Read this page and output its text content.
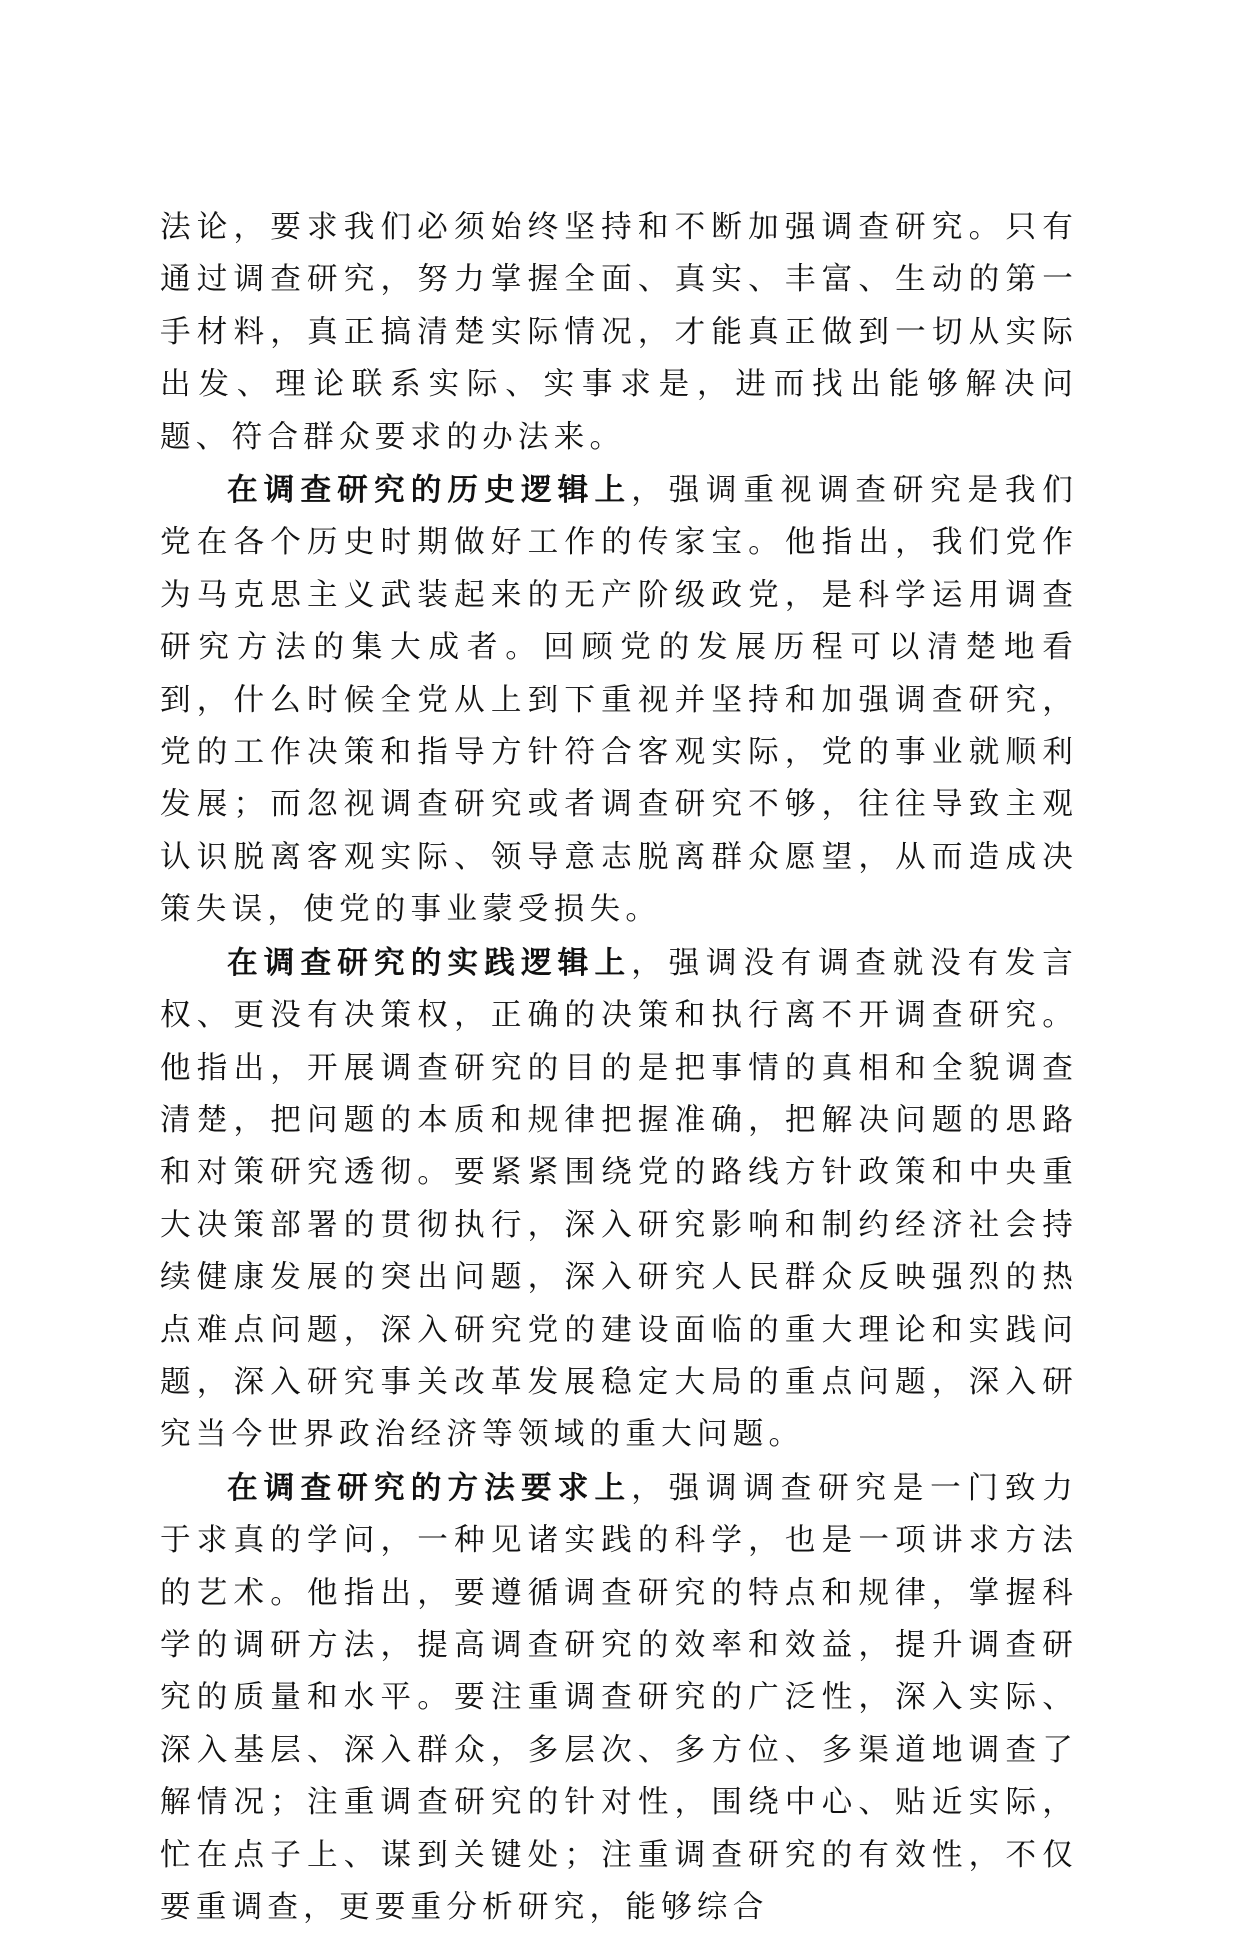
法论，要求我们必须始终坚持和不断加强调查研究。只有通过调查研究，努力掌握全面、真实、丰富、生动的第一手材料，真正搞清楚实际情况，才能真正做到一切从实际出发、理论联系实际、实事求是，进而找出能够解决问题、符合群众要求的办法来。

在调查研究的历史逻辑上，强调重视调查研究是我们党在各个历史时期做好工作的传家宝。他指出，我们党作为马克思主义武装起来的无产阶级政党，是科学运用调查研究方法的集大成者。回顾党的发展历程可以清楚地看到，什么时候全党从上到下重视并坚持和加强调查研究，党的工作决策和指导方针符合客观实际，党的事业就顺利发展；而忽视调查研究或者调查研究不够，往往导致主观认识脱离客观实际、领导意志脱离群众愿望，从而造成决策失误，使党的事业蒙受损失。

在调查研究的实践逻辑上，强调没有调查就没有发言权、更没有决策权，正确的决策和执行离不开调查研究。他指出，开展调查研究的目的是把事情的真相和全貌调查清楚，把问题的本质和规律把握准确，把解决问题的思路和对策研究透彻。要紧紧围绕党的路线方针政策和中央重大决策部署的贯彻执行，深入研究影响和制约经济社会持续健康发展的突出问题，深入研究人民群众反映强烈的热点难点问题，深入研究党的建设面临的重大理论和实践问题，深入研究事关改革发展稳定大局的重点问题，深入研究当今世界政治经济等领域的重大问题。

在调查研究的方法要求上，强调调查研究是一门致力于求真的学问，一种见诸实践的科学，也是一项讲求方法的艺术。他指出，要遵循调查研究的特点和规律，掌握科学的调研方法，提高调查研究的效率和效益，提升调查研究的质量和水平。要注重调查研究的广泛性，深入实际、深入基层、深入群众，多层次、多方位、多渠道地调查了解情况；注重调查研究的针对性，围绕中心、贴近实际，忙在点子上、谋到关键处；注重调查研究的有效性，不仅要重调查，更要重分析研究，能够综合
